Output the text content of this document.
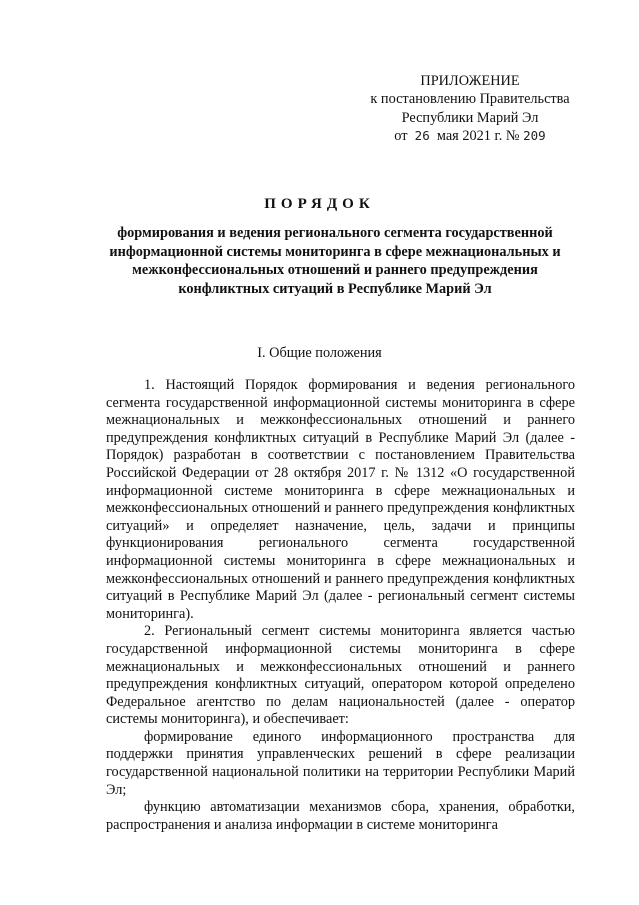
ПРИЛОЖЕНИЕ
к постановлению Правительства
Республики Марий Эл
от 26 мая 2021 г. № 209
ПОРЯДОК
формирования и ведения регионального сегмента государственной информационной системы мониторинга в сфере межнациональных и межконфессиональных отношений и раннего предупреждения конфликтных ситуаций в Республике Марий Эл
I. Общие положения

1. Настоящий Порядок формирования и ведения регионального сегмента государственной информационной системы мониторинга в сфере межнациональных и межконфессиональных отношений и раннего предупреждения конфликтных ситуаций в Республике Марий Эл (далее - Порядок) разработан в соответствии с постановлением Правительства Российской Федерации от 28 октября 2017 г. № 1312 «О государственной информационной системе мониторинга в сфере межнациональных и межконфессиональных отношений и раннего предупреждения конфликтных ситуаций» и определяет назначение, цель, задачи и принципы функционирования регионального сегмента государственной информационной системы мониторинга в сфере межнациональных и межконфессиональных отношений и раннего предупреждения конфликтных ситуаций в Республике Марий Эл (далее - региональный сегмент системы мониторинга).

2. Региональный сегмент системы мониторинга является частью государственной информационной системы мониторинга в сфере межнациональных и межконфессиональных отношений и раннего предупреждения конфликтных ситуаций, оператором которой определено Федеральное агентство по делам национальностей (далее - оператор системы мониторинга), и обеспечивает:

формирование единого информационного пространства для поддержки принятия управленческих решений в сфере реализации государственной национальной политики на территории Республики Марий Эл;

функцию автоматизации механизмов сбора, хранения, обработки, распространения и анализа информации в системе мониторинга
